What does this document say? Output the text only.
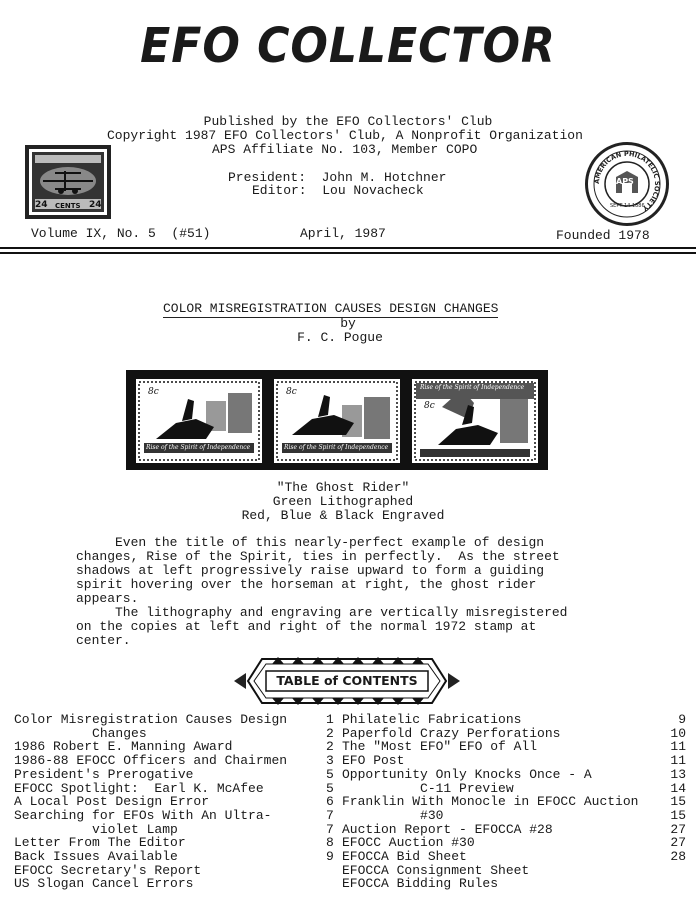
EFO COLLECTOR
Published by the EFO Collectors' Club
Copyright 1987 EFO Collectors' Club, A Nonprofit Organization
APS Affiliate No. 103, Member COPO
President:  John M. Hotchner
Editor:  Lou Novacheck
24 CENTS 24
AMERICAN PHILATELIC SOCIETY
APS
SEPT 14 1886
Volume IX, No. 5  (#51)	April, 1987	Founded 1978
COLOR MISREGISTRATION CAUSES DESIGN CHANGES
by
F. C. Pogue
8c
Rise of the Spirit of Independence
8c
Rise of the Spirit of Independence
Rise of the Spirit of Independence
8c
"The Ghost Rider"
Green Lithographed
Red, Blue & Black Engraved
Even the title of this nearly-perfect example of design
changes, Rise of the Spirit, ties in perfectly.  As the street
shadows at left progressively raise upward to form a guiding
spirit hovering over the horseman at right, the ghost rider
appears.
The lithography and engraving are vertically misregistered
on the copies at left and right of the normal 1972 stamp at
center.
TABLE of CONTENTS
Color Misregistration Causes Design
Changes
1986 Robert E. Manning Award
1986-88 EFOCC Officers and Chairmen
President's Prerogative
EFOCC Spotlight:  Earl K. McAfee
A Local Post Design Error
Searching for EFOs With An Ultra-
violet Lamp
Letter From The Editor
Back Issues Available
EFOCC Secretary's Report
US Slogan Cancel Errors
1
2
2
3
5
5
6
7
7
8
9
Philatelic Fabrications
Paperfold Crazy Perforations
The "Most EFO" EFO of All
EFO Post
Opportunity Only Knocks Once - A
C-11 Preview
Franklin With Monocle in EFOCC Auction
#30
Auction Report - EFOCCA #28
EFOCC Auction #30
EFOCCA Bid Sheet
EFOCCA Consignment Sheet
EFOCCA Bidding Rules
9
10
11
11
13
14
15
15
27
27
28
